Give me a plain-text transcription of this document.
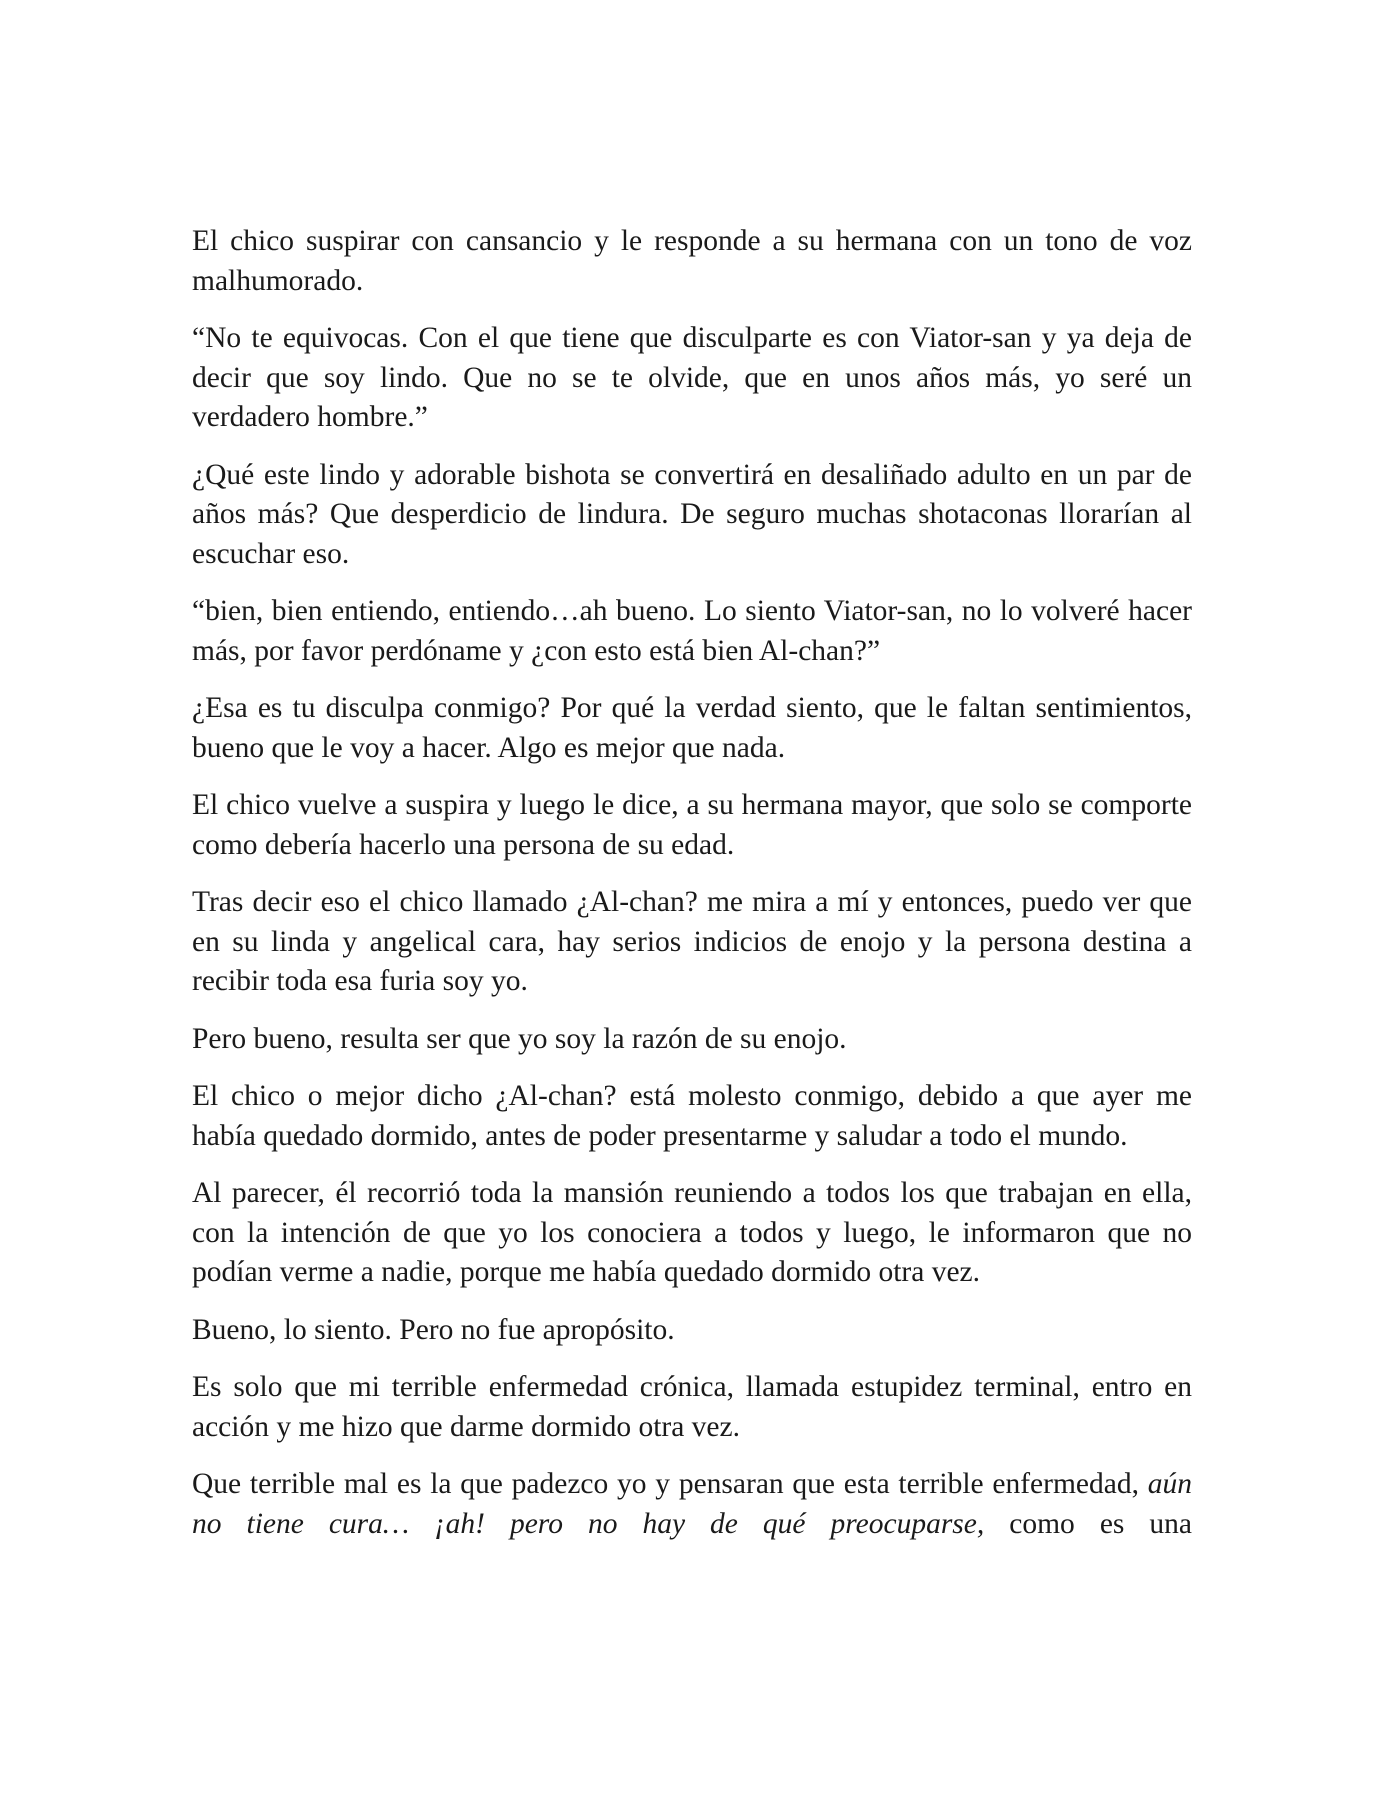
El chico suspirar con cansancio y le responde a su hermana con un tono de voz malhumorado.

“No te equivocas. Con el que tiene que disculparte es con Viator-san y ya deja de decir que soy lindo. Que no se te olvide, que en unos años más, yo seré un verdadero hombre.”

¿Qué este lindo y adorable bishota se convertirá en desaliñado adulto en un par de años más? Que desperdicio de lindura. De seguro muchas shotaconas llorarían al escuchar eso.

“bien, bien entiendo, entiendo…ah bueno. Lo siento Viator-san, no lo volveré hacer más, por favor perdóname y ¿con esto está bien Al-chan?”

¿Esa es tu disculpa conmigo? Por qué la verdad siento, que le faltan sentimientos, bueno que le voy a hacer. Algo es mejor que nada.

El chico vuelve a suspira y luego le dice, a su hermana mayor, que solo se comporte como debería hacerlo una persona de su edad.

Tras decir eso el chico llamado ¿Al-chan? me mira a mí y entonces, puedo ver que en su linda y angelical cara, hay serios indicios de enojo y la persona destina a recibir toda esa furia soy yo.

Pero bueno, resulta ser que yo soy la razón de su enojo.

El chico o mejor dicho ¿Al-chan? está molesto conmigo, debido a que ayer me había quedado dormido, antes de poder presentarme y saludar a todo el mundo.

Al parecer, él recorrió toda la mansión reuniendo a todos los que trabajan en ella, con la intención de que yo los conociera a todos y luego, le informaron que no podían verme a nadie, porque me había quedado dormido otra vez.

Bueno, lo siento. Pero no fue apropósito.

Es solo que mi terrible enfermedad crónica, llamada estupidez terminal, entro en acción y me hizo que darme dormido otra vez.

Que terrible mal es la que padezco yo y pensaran que esta terrible enfermedad, aún no tiene cura… ¡ah! pero no hay de qué preocuparse, como es una
